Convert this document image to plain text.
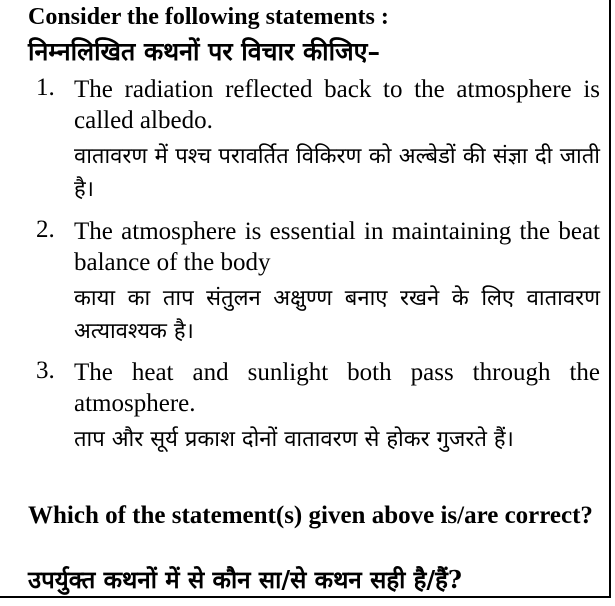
Consider the following statements :
निम्नलिखित कथनों पर विचार कीजिए–
1. The radiation reflected back to the atmosphere is called albedo.
वातावरण में पश्च परावर्तित विकिरण को अल्बेडों की संज्ञा दी जाती है।
2. The atmosphere is essential in maintaining the beat balance of the body
काया का ताप संतुलन अक्षुण्ण बनाए रखने के लिए वातावरण अत्यावश्यक है।
3. The heat and sunlight both pass through the atmosphere.
ताप और सूर्य प्रकाश दोनों वातावरण से होकर गुजरते हैं।
Which of the statement(s) given above is/are correct?
उपर्युक्त कथनों में से कौन सा/से कथन सही है/हैं?
